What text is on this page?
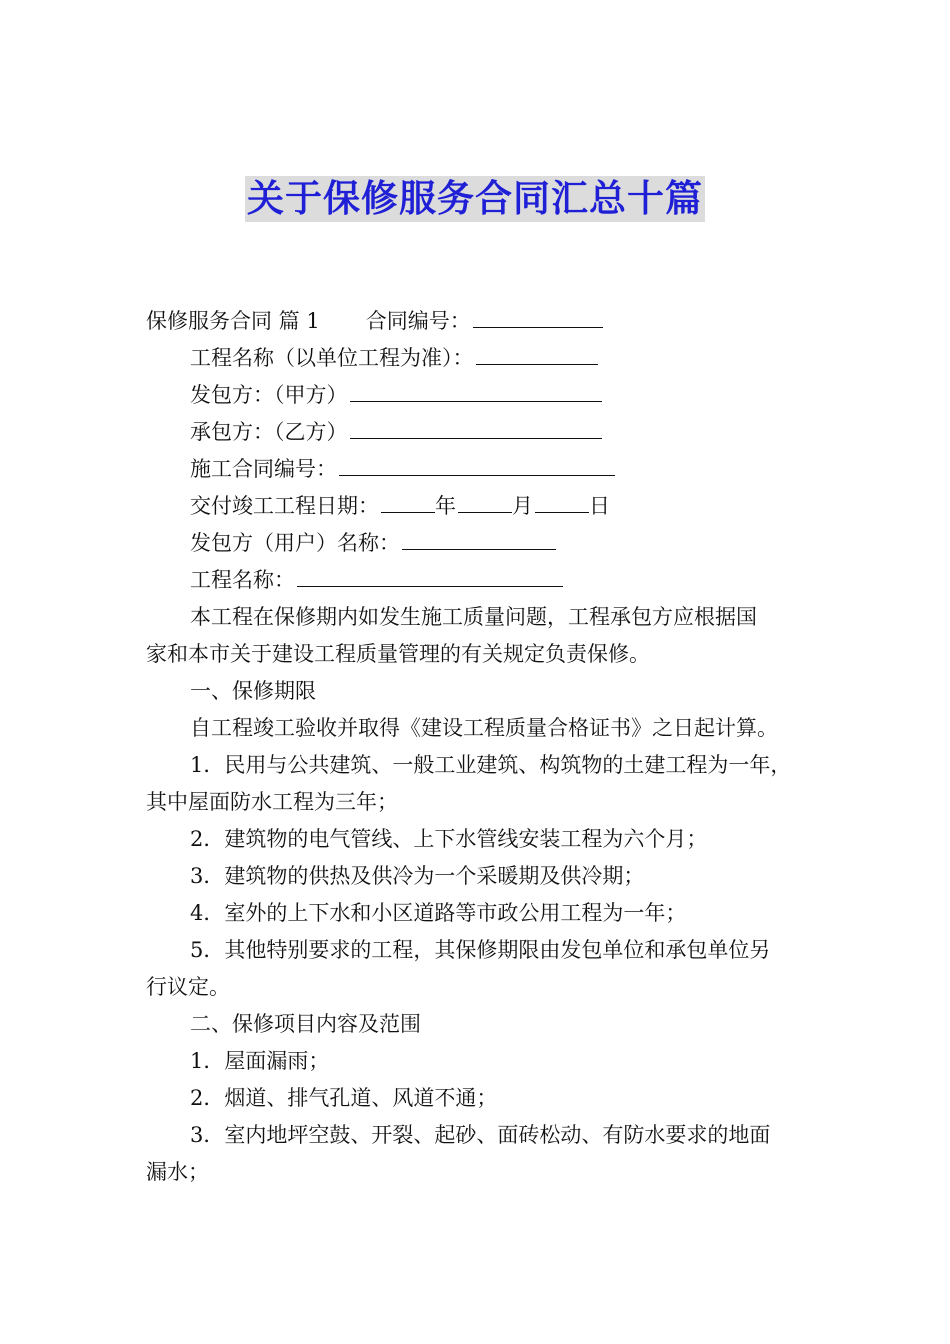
关于保修服务合同汇总十篇

保修服务合同 篇 1 合同编号：

工程名称（以单位工程为准）：

发包方：（甲方）

承包方：（乙方）

施工合同编号：

交付竣工工程日期：	年	月	日

发包方（用户）名称：

工程名称：

本工程在保修期内如发生施工质量问题，工程承包方应根据国

家和本市关于建设工程质量管理的有关规定负责保修。

一、保修期限

自工程竣工验收并取得《建设工程质量合格证书》之日起计算。

1．民用与公共建筑、一般工业建筑、构筑物的土建工程为一年，

其中屋面防水工程为三年；

2．建筑物的电气管线、上下水管线安装工程为六个月；

3．建筑物的供热及供冷为一个采暖期及供冷期；

4．室外的上下水和小区道路等市政公用工程为一年；

5．其他特别要求的工程，其保修期限由发包单位和承包单位另

行议定。

二、保修项目内容及范围

1．屋面漏雨；

2．烟道、排气孔道、风道不通；

3．室内地坪空鼓、开裂、起砂、面砖松动、有防水要求的地面

漏水；
